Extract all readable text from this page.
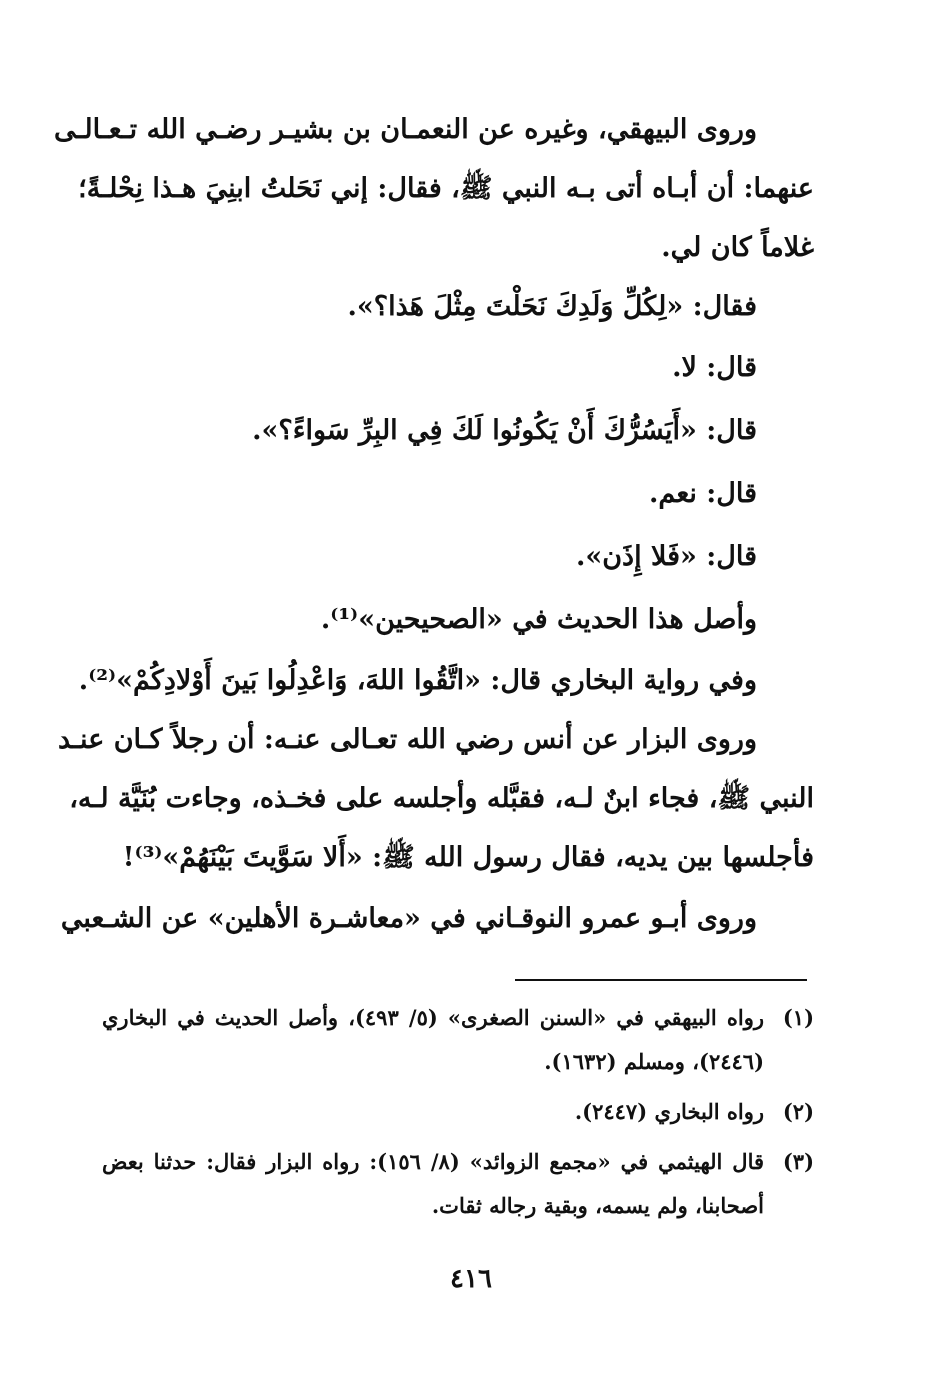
وروى البيهقي، وغيره عن النعمـان بن بشيـر رضـي الله تـعـالـى
عنهما: أن أبـاه أتى بـه النبي ﷺ، فقال: إني نَحَلتُ ابنِيَ هـذا نِحْلـةً؛
غلاماً كان لي.
فقال: «لِكُلِّ وَلَدِكَ نَحَلْتَ مِثْلَ هَذا؟».
قال: لا.
قال: «أَيَسُرُّكَ أَنْ يَكُونُوا لَكَ فِي البِرِّ سَواءً؟».
قال: نعم.
قال: «فَلا إِذَن».
وأصل هذا الحديث في «الصحيحين»⁽¹⁾.
وفي رواية البخاري قال: «اتَّقُوا اللهَ، وَاعْدِلُوا بَينَ أَوْلادِكُمْ»⁽²⁾.
وروى البزار عن أنس رضي الله تعـالى عنـه: أن رجلاً كـان عنـد
النبي ﷺ، فجاء ابنٌ لـه، فقبَّله وأجلسه على فخـذه، وجاءت بُنَيَّة لـه،
فأجلسها بين يديه، فقال رسول الله ﷺ: «أَلا سَوَّيتَ بَيْنَهُمْ»⁽³⁾!
وروى أبـو عمرو النوقـاني في «معاشـرة الأهلين» عن الشـعبي
(١)
رواه البيهقي في «السنن الصغرى» (٥/ ٤٩٣)، وأصل الحديث في البخاري
(٢٤٤٦)، ومسلم (١٦٣٢).
(٢)
رواه البخاري (٢٤٤٧).
(٣)
قال الهيثمي في «مجمع الزوائد» (٨/ ١٥٦): رواه البزار فقال: حدثنا بعض
أصحابنا، ولم يسمه، وبقية رجاله ثقات.
٤١٦
